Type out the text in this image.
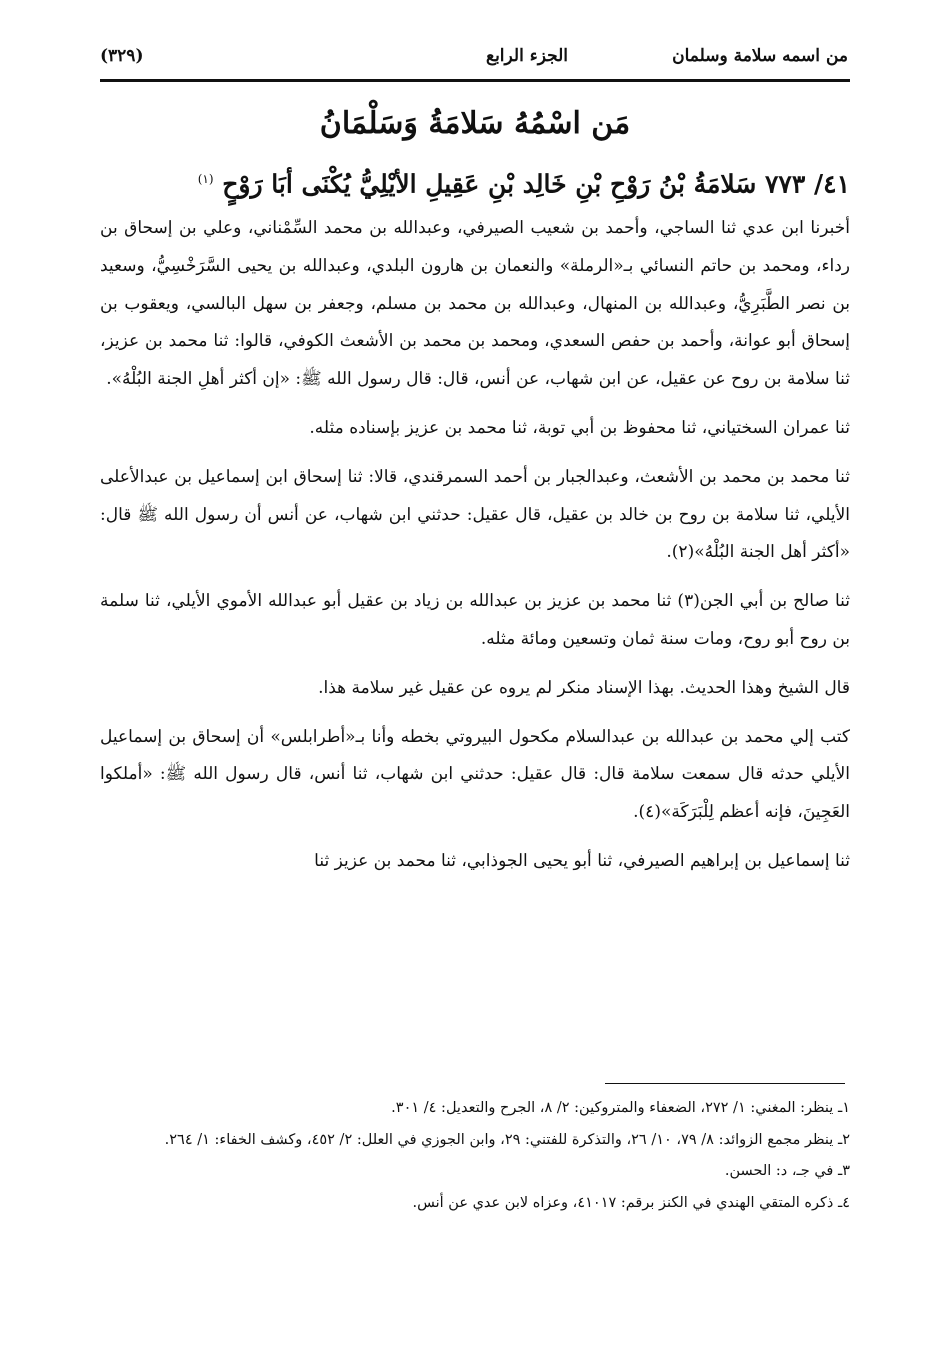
من اسمه سلامة وسلمان
الجزء الرابع
(٣٢٩)
مَن اسْمُهُ سَلامَةُ وَسَلْمَانُ
٤١/ ٧٧٣ سَلامَةُ بْنُ رَوْحِ بْنِ خَالِد بْنِ عَقِيلِ الأيْلِيُّ يُكْنَى أبَا رَوْحٍ $^{(١)}$

أخبرنا ابن عدي ثنا الساجي، وأحمد بن شعيب الصيرفي، وعبدالله بن محمد السِّمْناني، وعلي بن إسحاق بن رداء، ومحمد بن حاتم النسائي بـ«الرملة» والنعمان بن هارون البلدي، وعبدالله بن يحيى السَّرَخْسِيُّ، وسعيد بن نصر الطَّبَرِيُّ، وعبدالله بن المنهال، وعبدالله بن محمد بن مسلم، وجعفر بن سهل البالسي، ويعقوب بن إسحاق أبو عوانة، وأحمد بن حفص السعدي، ومحمد بن محمد بن الأشعث الكوفي، قالوا: ثنا محمد بن عزيز، ثنا سلامة بن روح عن عقيل، عن ابن شهاب، عن أنس، قال: قال رسول الله ﷺ: «إن أكثر أهلِ الجنة البُلْهُ».

ثنا عمران السختياني، ثنا محفوظ بن أبي توبة، ثنا محمد بن عزيز بإسناده مثله.

ثنا محمد بن محمد بن الأشعث، وعبدالجبار بن أحمد السمرقندي، قالا: ثنا إسحاق ابن إسماعيل بن عبدالأعلى الأيلي، ثنا سلامة بن روح بن خالد بن عقيل، قال عقيل: حدثني ابن شهاب، عن أنس أن رسول الله ﷺ قال: «أكثر أهل الجنة البُلْهُ»(٢).

ثنا صالح بن أبي الجن(٣) ثنا محمد بن عزيز بن عبدالله بن زياد بن عقيل أبو عبدالله الأموي الأيلي، ثنا سلمة بن روح أبو روح، ومات سنة ثمان وتسعين ومائة مثله.

قال الشيخ وهذا الحديث. بهذا الإسناد منكر لم يروه عن عقيل غير سلامة هذا.

كتب إلي محمد بن عبدالله بن عبدالسلام مكحول البيروتي بخطه وأنا بـ«أطرابلس» أن إسحاق بن إسماعيل الأيلي حدثه قال سمعت سلامة قال: قال عقيل: حدثني ابن شهاب، ثنا أنس، قال رسول الله ﷺ: «أملكوا العَجِينَ، فإنه أعظم لِلْبَرَكَة»(٤).

ثنا إسماعيل بن إبراهيم الصيرفي، ثنا أبو يحيى الجوذابي، ثنا محمد بن عزيز ثنا

١ـ ينظر: المغني: ١/ ٢٧٢، الضعفاء والمتروكين: ٢/ ٨، الجرح والتعديل: ٤/ ٣٠١.

٢ـ ينظر مجمع الزوائد: ٨/ ٧٩، ١٠/ ٢٦، والتذكرة للفتني: ٢٩، وابن الجوزي في العلل: ٢/ ٤٥٢، وكشف الخفاء: ١/ ٢٦٤.

٣ـ في جـ، د: الحسن.

٤ـ ذكره المتقي الهندي في الكنز برقم: ٤١٠١٧، وعزاه لابن عدي عن أنس.
